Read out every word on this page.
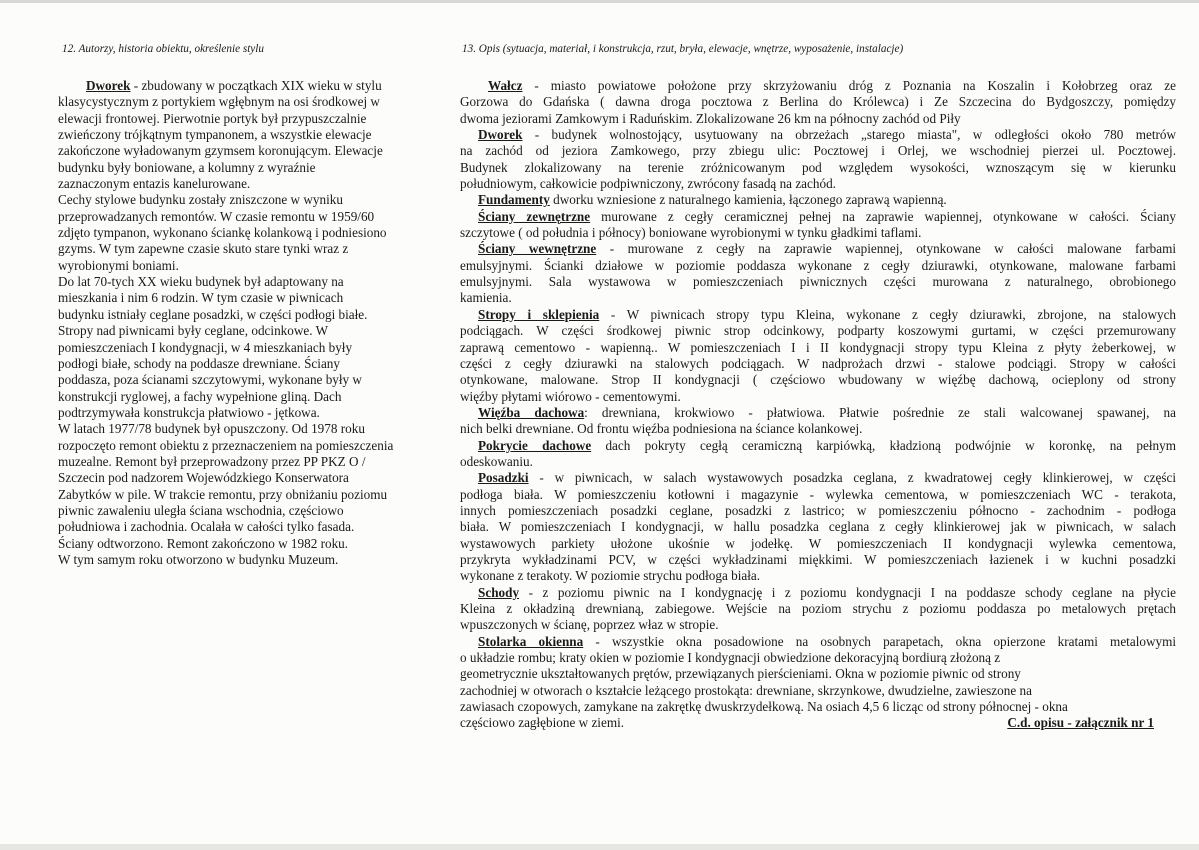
12. Autorzy, historia obiektu, określenie stylu

Dworek - zbudowany w początkach XIX wieku w stylu
klasycystycznym z portykiem wgłębnym na osi środkowej w
elewacji frontowej. Pierwotnie portyk był przypuszczalnie
zwieńczony trójkątnym tympanonem, a wszystkie elewacje
zakończone wyładowanym gzymsem koronującym. Elewacje
budynku były boniowane, a kolumny z wyraźnie
zaznaczonym entazis kanelurowane.
Cechy stylowe budynku zostały zniszczone w wyniku
przeprowadzanych remontów. W czasie remontu w 1959/60
zdjęto tympanon, wykonano ściankę kolankową i podniesiono
gzyms. W tym zapewne czasie skuto stare tynki wraz z
wyrobionymi boniami.
Do lat 70-tych XX wieku budynek był adaptowany na
mieszkania i nim 6 rodzin. W tym czasie w piwnicach
budynku istniały ceglane posadzki, w części podłogi białe.
Stropy nad piwnicami były ceglane, odcinkowe. W
pomieszczeniach I kondygnacji, w 4 mieszkaniach były
podłogi białe, schody na poddasze drewniane. Ściany
poddasza, poza ścianami szczytowymi, wykonane były w
konstrukcji ryglowej, a fachy wypełnione gliną. Dach
podtrzymywała konstrukcja płatwiowo - jętkowa.
W latach 1977/78 budynek był opuszczony. Od 1978 roku
rozpoczęto remont obiektu z przeznaczeniem na pomieszczenia
muzealne. Remont był przeprowadzony przez PP PKZ O /
Szczecin pod nadzorem Wojewódzkiego Konserwatora
Zabytków w pile. W trakcie remontu, przy obniżaniu poziomu
piwnic zawaleniu uległa ściana wschodnia, częściowo
południowa i zachodnia. Ocalała w całości tylko fasada.
Ściany odtworzono. Remont zakończono w 1982 roku.
W tym samym roku otworzono w budynku Muzeum.

13. Opis (sytuacja, materiał, i konstrukcja, rzut, bryła, elewacje, wnętrze, wyposażenie, instalacje)

Wałcz - miasto powiatowe położone przy skrzyżowaniu dróg z Poznania na Koszalin i Kołobrzeg oraz ze
Gorzowa do Gdańska ( dawna droga pocztowa z Berlina do Królewca) i Ze Szczecina do Bydgoszczy, pomiędzy
dwoma jeziorami Zamkowym i Raduńskim. Zlokalizowane 26 km na północny zachód od Piły
Dworek - budynek wolnostojący, usytuowany na obrzeżach „starego miasta", w odległości około 780 metrów
na zachód od jeziora Zamkowego, przy zbiegu ulic: Pocztowej i Orlej, we wschodniej pierzei ul. Pocztowej.
Budynek zlokalizowany na terenie zróżnicowanym pod względem wysokości, wznoszącym się w kierunku
południowym, całkowicie podpiwniczony, zwrócony fasadą na zachód.
Fundamenty dworku wzniesione z naturalnego kamienia, łączonego zaprawą wapienną.
Ściany zewnętrzne murowane z cegły ceramicznej pełnej na zaprawie wapiennej, otynkowane w całości. Ściany
szczytowe ( od południa i północy) boniowane wyrobionymi w tynku gładkimi taflami.
Ściany wewnętrzne - murowane z cegły na zaprawie wapiennej, otynkowane w całości malowane farbami
emulsyjnymi. Ścianki działowe w poziomie poddasza wykonane z cegły dziurawki, otynkowane, malowane farbami
emulsyjnymi. Sala wystawowa w pomieszczeniach piwnicznych części murowana z naturalnego, obrobionego
kamienia.
Stropy i sklepienia - W piwnicach stropy typu Kleina, wykonane z cegły dziurawki, zbrojone, na stalowych
podciągach. W części środkowej piwnic strop odcinkowy, podparty koszowymi gurtami, w części przemurowany
zaprawą cementowo - wapienną.. W pomieszczeniach I i II kondygnacji stropy typu Kleina z płyty żeberkowej, w
części z cegły dziurawki na stalowych podciągach. W nadprożach drzwi - stalowe podciągi. Stropy w całości
otynkowane, malowane. Strop II kondygnacji ( częściowo wbudowany w więźbę dachową, ocieplony od strony
więźby płytami wiórowo - cementowymi.
Więźba dachowa: drewniana, krokwiowo - płatwiowa. Płatwie pośrednie ze stali walcowanej spawanej, na
nich belki drewniane. Od frontu więźba podniesiona na ściance kolankowej.
Pokrycie dachowe dach pokryty cegłą ceramiczną karpiówką, kładzioną podwójnie w koronkę, na pełnym
odeskowaniu.
Posadzki - w piwnicach, w salach wystawowych posadzka ceglana, z kwadratowej cegły klinkierowej, w części
podłoga biała. W pomieszczeniu kotłowni i magazynie - wylewka cementowa, w pomieszczeniach WC - terakota,
innych pomieszczeniach posadzki ceglane, posadzki z lastrico; w pomieszczeniu północno - zachodnim - podłoga
biała. W pomieszczeniach I kondygnacji, w hallu posadzka ceglana z cegły klinkierowej jak w piwnicach, w salach
wystawowych parkiety ułożone ukośnie w jodełkę. W pomieszczeniach II kondygnacji wylewka cementowa,
przykryta wykładzinami PCV, w części wykładzinami miękkimi. W pomieszczeniach łazienek i w kuchni posadzki
wykonane z terakoty. W poziomie strychu podłoga biała.
Schody - z poziomu piwnic na I kondygnację i z poziomu kondygnacji I na poddasze schody ceglane na płycie
Kleina z okładziną drewnianą, zabiegowe. Wejście na poziom strychu z poziomu poddasza po metalowych prętach
wpuszczonych w ścianę, poprzez właz w stropie.
Stolarka okienna - wszystkie okna posadowione na osobnych parapetach, okna opierzone kratami metalowymi
o układzie rombu; kraty okien w poziomie I kondygnacji obwiedzione dekoracyjną bordiurą złożoną z
geometrycznie ukształtowanych prętów, przewiązanych pierścieniami. Okna w poziomie piwnic od strony
zachodniej w otworach o kształcie leżącego prostokąta: drewniane, skrzynkowe, dwudzielne, zawieszone na
zawiasach czopowych, zamykane na zakrętkę dwuskrzydełkową. Na osiach 4,5 6 licząc od strony północnej - okna
częściowo zagłębione w ziemi.	C.d. opisu - załącznik nr 1
